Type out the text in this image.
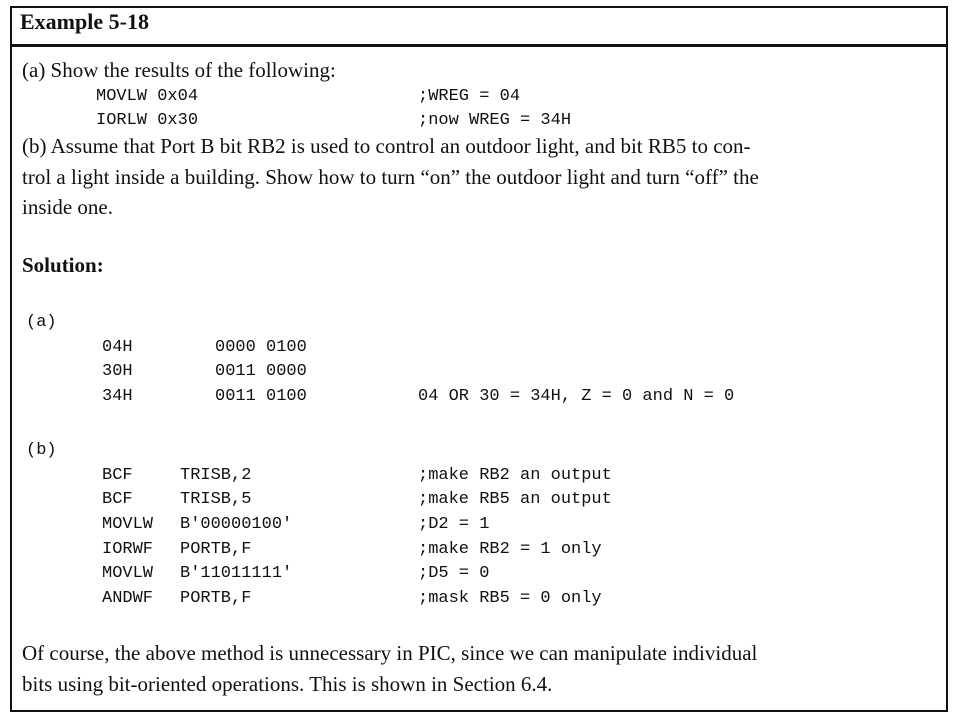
Example 5-18
(a) Show the results of the following:
MOVLW 0x04	;WREG = 04
IORLW 0x30	;now WREG = 34H
(b) Assume that Port B bit RB2 is used to control an outdoor light, and bit RB5 to con-
trol a light inside a building. Show how to turn “on” the outdoor light and turn “off” the
inside one.
Solution:
(a)
04H	0000 0100
30H	0011 0000
34H	0011 0100	04 OR 30 = 34H, Z = 0 and N = 0
(b)
BCF	TRISB,2	;make RB2 an output
BCF	TRISB,5	;make RB5 an output
MOVLW B'00000100'	;D2 = 1
IORWF PORTB,F	;make RB2 = 1 only
MOVLW B'11011111'	;D5 = 0
ANDWF PORTB,F	;mask RB5 = 0 only
Of course, the above method is unnecessary in PIC, since we can manipulate individual
bits using bit-oriented operations. This is shown in Section 6.4.
